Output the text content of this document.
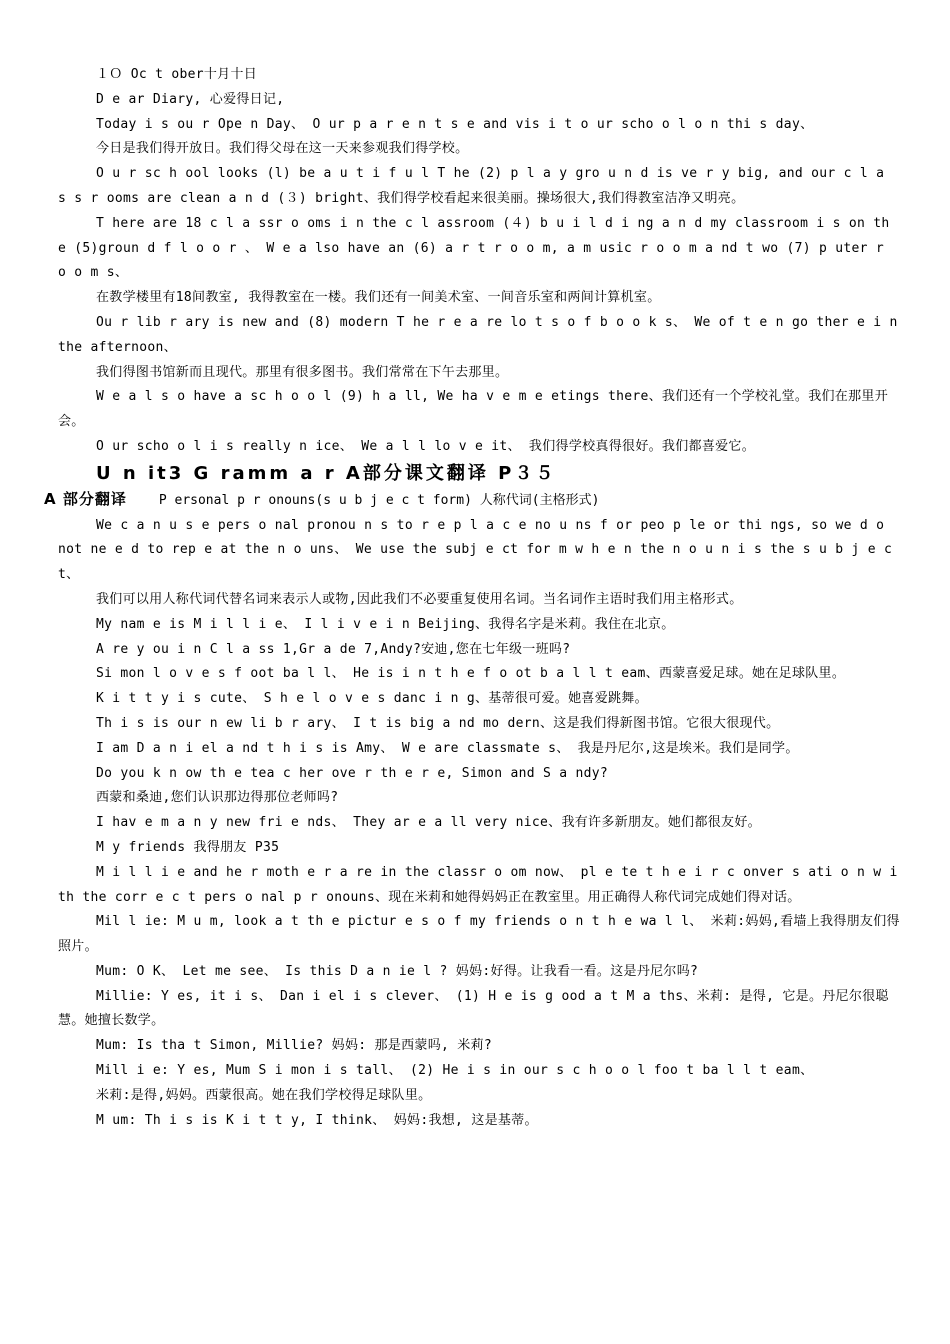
１Ｏ Oc t ober十月十日

D e ar Diary, 心爱得日记,

Today i s ou r Ope n Day、 O ur p a r e n t s e and vis i t o ur scho o l o n thi s day、

今日是我们得开放日。我们得父母在这一天来参观我们得学校。

O u r sc h ool looks (l) be a u t i f u l T he (2) p l a y gro u n d is ve r y big, and our c l a s s r ooms are clean a n d (３) bright、我们得学校看起来很美丽。操场很大,我们得教室洁净又明亮。

T here are 18 c l a ssr o oms i n the c l assroom (４) b u i l d i ng a n d my classroom i s on th e (5)groun d f l o o r 、 W e a lso have an (6) a r t r o o m, a m usic r o o m a nd t wo (7) p uter r o o m s、

在教学楼里有18间教室, 我得教室在一楼。我们还有一间美术室、一间音乐室和两间计算机室。

Ou r lib r ary is new and (8) modern T he r e a re lo t s o f b o o k s、 We of t e n go ther e i n the afternoon、

我们得图书馆新而且现代。那里有很多图书。我们常常在下午去那里。

W e a l s o have a sc h o o l (9) h a ll, We ha v e m e etings there、我们还有一个学校礼堂。我们在那里开会。

O ur scho o l i s really n ice、 We a l l lo v e it、 我们得学校真得很好。我们都喜爱它。

U n it3 G ramm a r A部分课文翻译 P３５

A 部分翻译 P ersonal p r onouns(s u b j e c t form) 人称代词(主格形式)

We c a n u s e pers o nal pronou n s to r e p l a c e no u ns f or peo p le or thi ngs, so we d o not ne e d to rep e at the n o uns、 We use the subj e ct for m w h e n the n o u n i s the s u b j e c t、

我们可以用人称代词代替名词来表示人或物,因此我们不必要重复使用名词。当名词作主语时我们用主格形式。

My nam e is M i l l i e、 I l i v e i n Beijing、我得名字是米莉。我住在北京。

A re y ou i n C l a ss 1,Gr a de 7,Andy?安迪,您在七年级一班吗?

Si mon l o v e s f oot ba l l、 He is i n t h e f o ot b a l l t eam、西蒙喜爱足球。她在足球队里。

K i t t y i s cute、 S h e l o v e s danc i n g、基蒂很可爱。她喜爱跳舞。

Th i s is our n ew li b r ary、 I t is big a nd mo dern、这是我们得新图书馆。它很大很现代。

I am D a n i el a nd t h i s is Amy、 W e are classmate s、 我是丹尼尔,这是埃米。我们是同学。

Do you k n ow th e tea c her ove r th e r e, Simon and S a ndy?

西蒙和桑迪,您们认识那边得那位老师吗?

I hav e m a n y new fri e nds、 They ar e a ll very nice、我有许多新朋友。她们都很友好。

M y friends 我得朋友 P35

M i l l i e and he r moth e r a re in the classr o om now、 pl e te t h e i r c onver s ati o n w ith the corr e c t pers o nal p r onouns、现在米莉和她得妈妈正在教室里。用正确得人称代词完成她们得对话。

Mil l ie: M u m, look a t th e pictur e s o f my friends o n t h e wa l l、 米莉:妈妈,看墙上我得朋友们得照片。

Mum: O K、 Let me see、 Is this D a n ie l ? 妈妈:好得。让我看一看。这是丹尼尔吗?

Millie: Y es, it i s、 Dan i el i s clever、 (1) H e is g ood a t M a ths、米莉: 是得, 它是。丹尼尔很聪慧。她擅长数学。

Mum: Is tha t Simon, Millie? 妈妈: 那是西蒙吗, 米莉?

Mill i e: Y es, Mum S i mon i s tall、 (2) He i s in our s c h o o l foo t ba l l t eam、

米莉:是得,妈妈。西蒙很高。她在我们学校得足球队里。

M um: Th i s is K i t t y, I think、 妈妈:我想, 这是基蒂。
